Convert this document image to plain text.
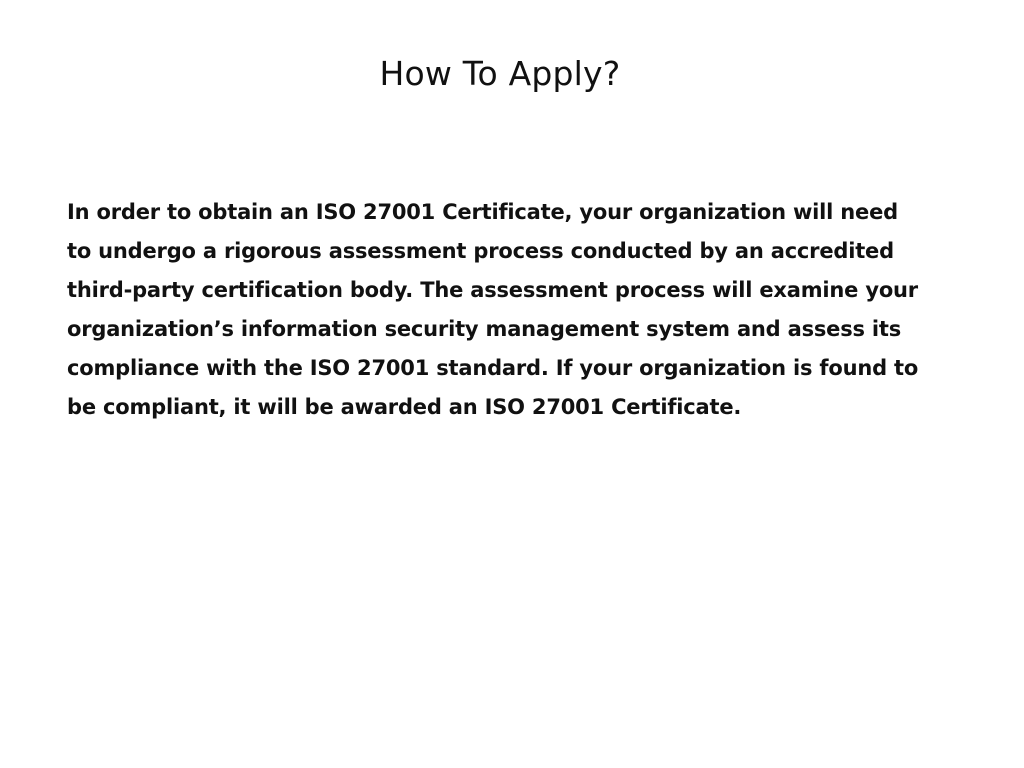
How To Apply?

In order to obtain an ISO 27001 Certificate, your organization will need to undergo a rigorous assessment process conducted by an accredited third-party certification body. The assessment process will examine your organization’s information security management system and assess its compliance with the ISO 27001 standard. If your organization is found to be compliant, it will be awarded an ISO 27001 Certificate.
